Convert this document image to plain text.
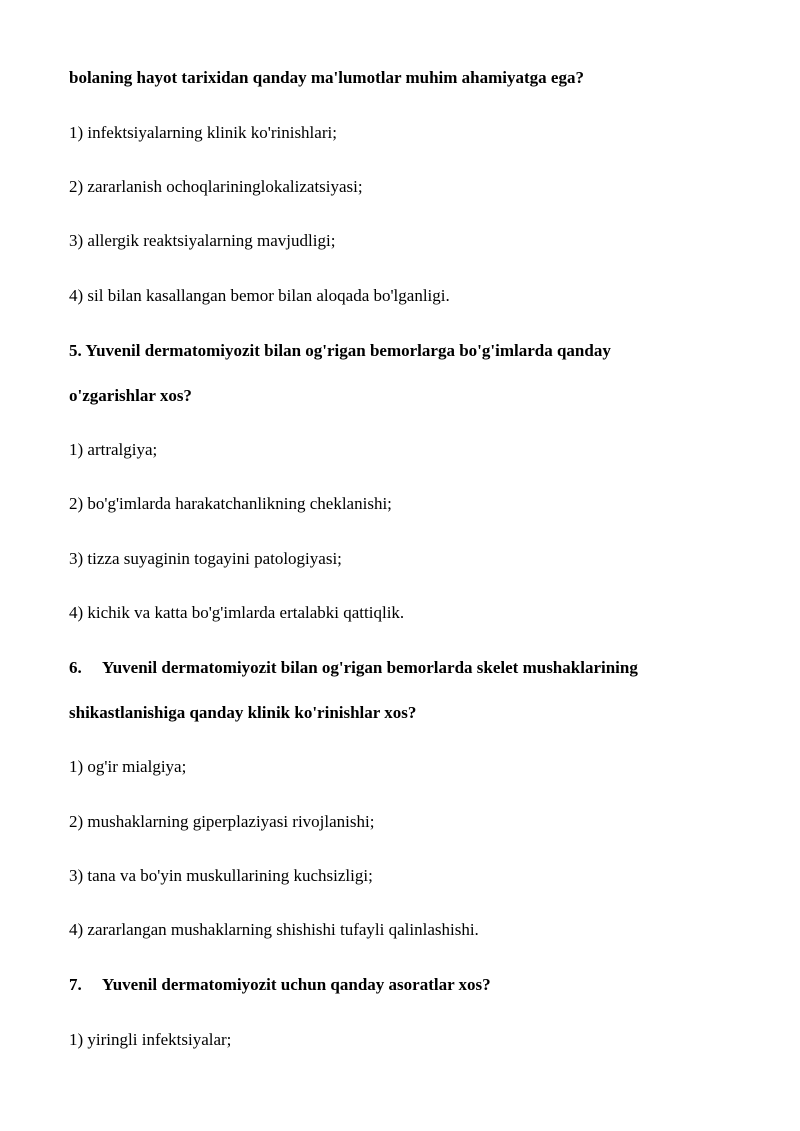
bolaning hayot tarixidan qanday ma'lumotlar muhim ahamiyatga ega?
1) infektsiyalarning klinik ko'rinishlari;
2) zararlanish ochoqlarininglokalizatsiyasi;
3) allergik reaktsiyalarning mavjudligi;
4) sil bilan kasallangan bemor bilan aloqada bo'lganligi.
5. Yuvenil dermatomiyozit bilan og'rigan bemorlarga bo'g'imlarda qanday
o'zgarishlar xos?
1) artralgiya;
2) bo'g'imlarda harakatchanlikning cheklanishi;
3) tizza suyaginin togayini patologiyasi;
4) kichik va katta bo'g'imlarda ertalabki qattiqlik.
6. Yuvenil dermatomiyozit bilan og'rigan bemorlarda skelet mushaklarining
shikastlanishiga qanday klinik ko'rinishlar xos?
1) og'ir mialgiya;
2) mushaklarning giperplaziyasi rivojlanishi;
3) tana va bo'yin muskullarining kuchsizligi;
4) zararlangan mushaklarning shishishi tufayli qalinlashishi.
7. Yuvenil dermatomiyozit uchun qanday asoratlar xos?
1) yiringli infektsiyalar;
